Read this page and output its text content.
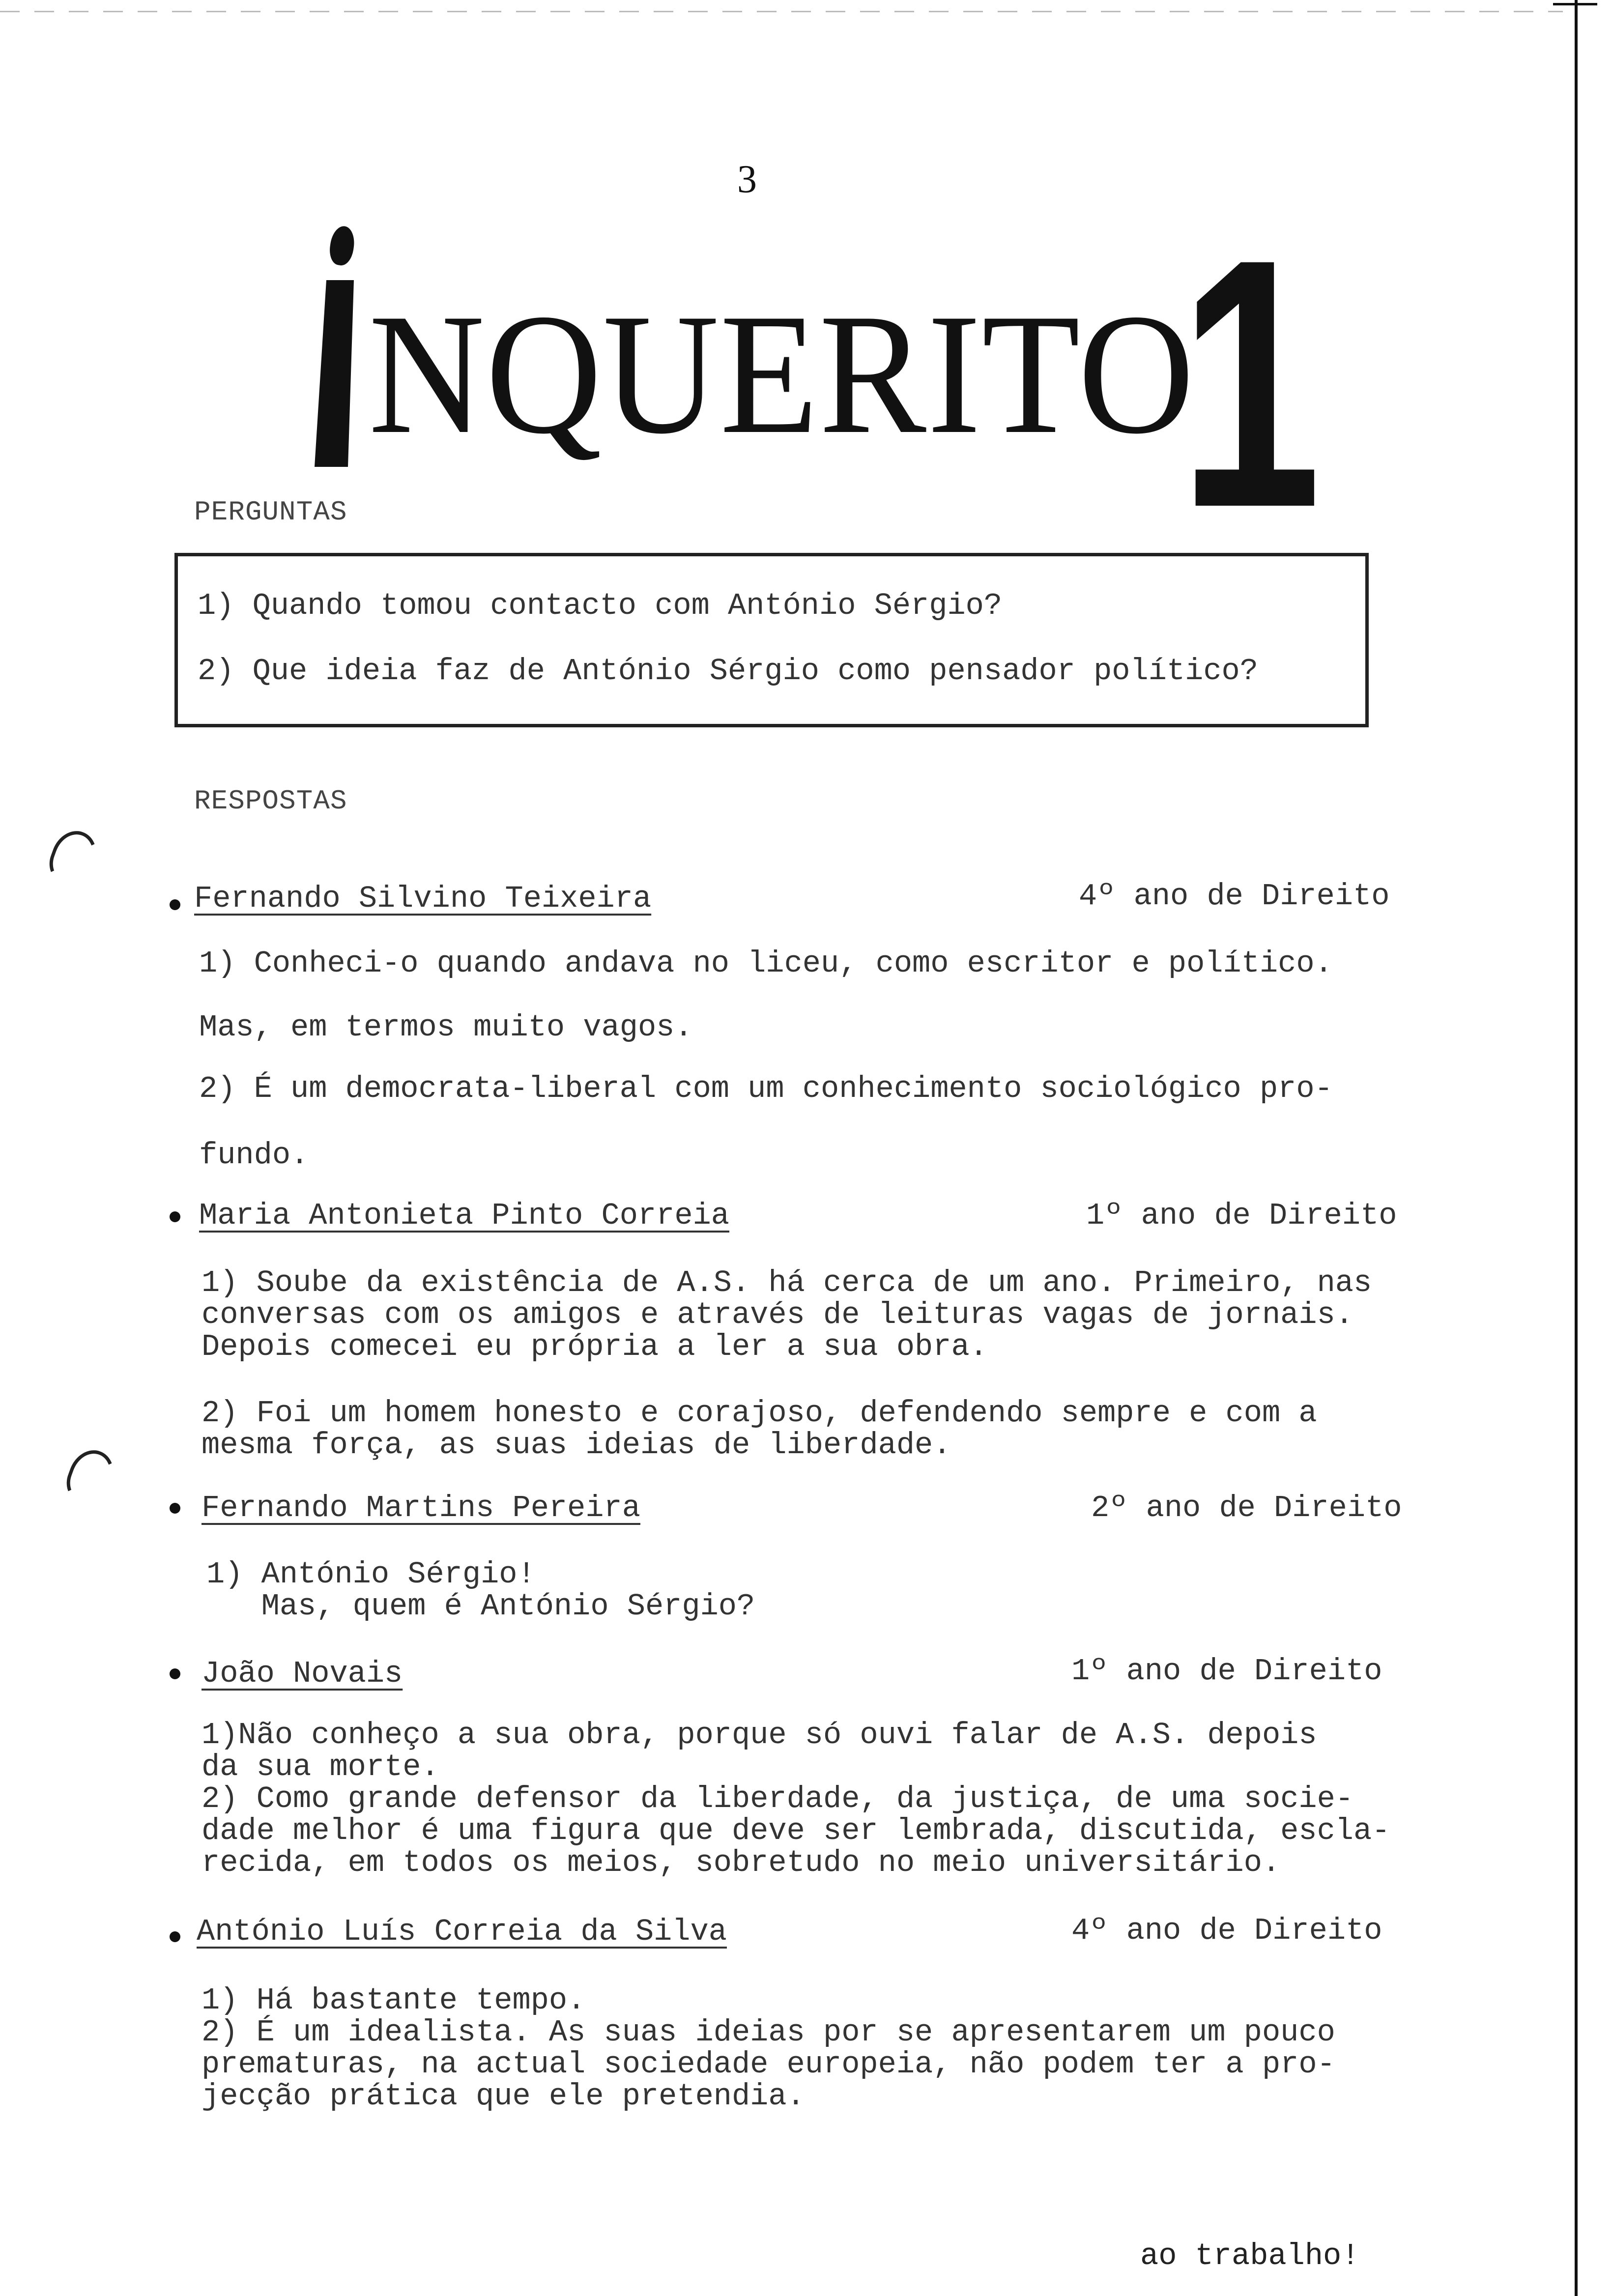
3
NQUERITO
1
PERGUNTAS
1) Quando tomou contacto com António Sérgio?
2) Que ideia faz de António Sérgio como pensador político?
RESPOSTAS
Fernando Silvino Teixeira	4º ano de Direito
1) Conheci-o quando andava no liceu, como escritor e político.
Mas, em termos muito vagos.
2) É um democrata-liberal com um conhecimento sociológico pro-
fundo.
Maria Antonieta Pinto Correia	1º ano de Direito
1) Soube da existência de A.S. há cerca de um ano. Primeiro, nas
conversas com os amigos e através de leituras vagas de jornais.
Depois comecei eu própria a ler a sua obra.
2) Foi um homem honesto e corajoso, defendendo sempre e com a
mesma força, as suas ideias de liberdade.
Fernando Martins Pereira	2º ano de Direito
1) António Sérgio!
Mas, quem é António Sérgio?
João Novais	1º ano de Direito
1)Não conheço a sua obra, porque só ouvi falar de A.S. depois
da sua morte.
2) Como grande defensor da liberdade, da justiça, de uma socie-
dade melhor é uma figura que deve ser lembrada, discutida, escla-
recida, em todos os meios, sobretudo no meio universitário.
António Luís Correia da Silva	4º ano de Direito
1) Há bastante tempo.
2) É um idealista. As suas ideias por se apresentarem um pouco
prematuras, na actual sociedade europeia, não podem ter a pro-
jecção prática que ele pretendia.
ao trabalho!
